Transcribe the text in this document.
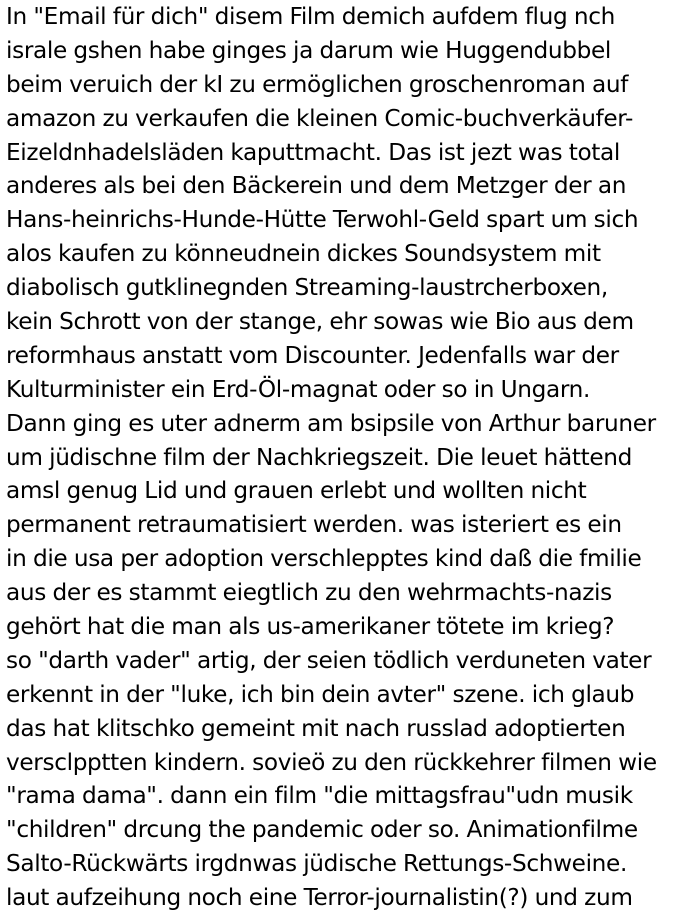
In "Email für dich" disem Film demich aufdem flug nch
israle gshen habe ginges ja darum wie Huggendubbel
beim veruich der kI zu ermöglichen groschenroman auf
amazon zu verkaufen die kleinen Comic-buchverkäufer-
Eizeldnhadelsläden kaputtmacht. Das ist jezt was total
anderes als bei den Bäckerein und dem Metzger der an
Hans-heinrichs-Hunde-Hütte Terwohl-Geld spart um sich
alos kaufen zu könneudnein dickes Soundsystem mit
diabolisch gutklinegnden Streaming-laustrcherboxen,
kein Schrott von der stange, ehr sowas wie Bio aus dem
reformhaus anstatt vom Discounter. Jedenfalls war der
Kulturminister ein Erd-Öl-magnat oder so in Ungarn.
Dann ging es uter adnerm am bsipsile von Arthur baruner
um jüdischne film der Nachkriegszeit. Die leuet hättend
amsl genug Lid und grauen erlebt und wollten nicht
permanent retraumatisiert werden. was isteriert es ein
in die usa per adoption verschlepptes kind daß die fmilie
aus der es stammt eiegtlich zu den wehrmachts-nazis
gehört hat die man als us-amerikaner tötete im krieg?
so "darth vader" artig, der seien tödlich verduneten vater
erkennt in der "luke, ich bin dein avter" szene. ich glaub
das hat klitschko gemeint mit nach russlad adoptierten
versclpptten kindern. sovieö zu den rückkehrer filmen wie
"rama dama". dann ein film "die mittagsfrau"udn musik
"children" drcung the pandemic oder so. Animationfilme
Salto-Rückwärts irgdnwas jüdische Rettungs-Schweine.
laut aufzeihung noch eine Terror-journalistin(?) und zum
